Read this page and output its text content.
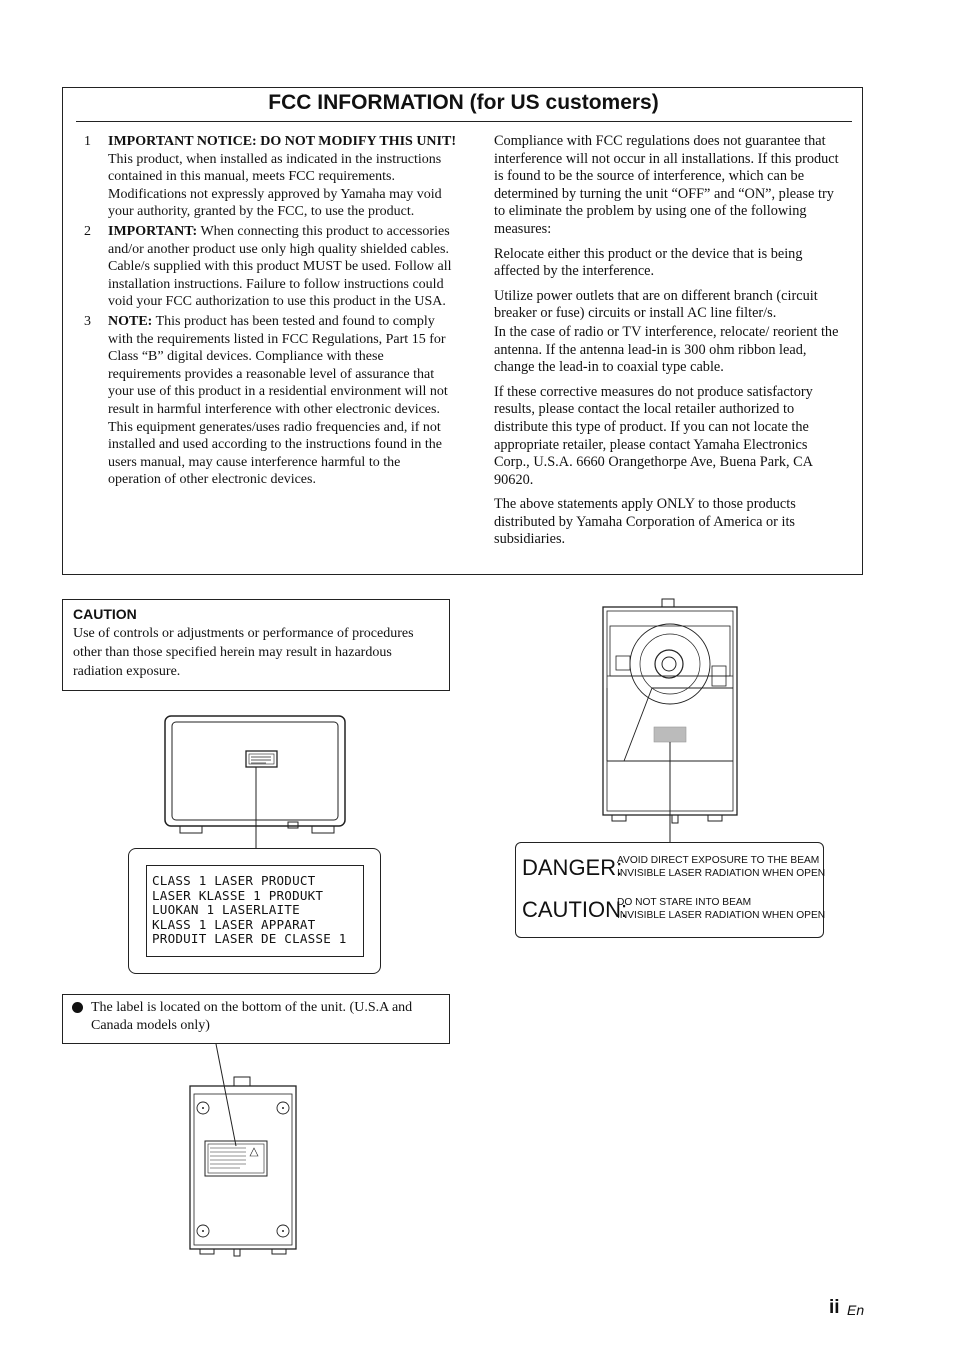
FCC INFORMATION (for US customers)
1 IMPORTANT NOTICE: DO NOT MODIFY THIS UNIT!

This product, when installed as indicated in the instructions contained in this manual, meets FCC requirements. Modifications not expressly approved by Yamaha may void your authority, granted by the FCC, to use the product.

2 IMPORTANT: When connecting this product to accessories and/or another product use only high quality shielded cables. Cable/s supplied with this product MUST be used. Follow all installation instructions. Failure to follow instructions could void your FCC authorization to use this product in the USA.

3 NOTE: This product has been tested and found to comply with the requirements listed in FCC Regulations, Part 15 for Class “B” digital devices. Compliance with these requirements provides a reasonable level of assurance that your use of this product in a residential environment will not result in harmful interference with other electronic devices.

This equipment generates/uses radio frequencies and, if not installed and used according to the instructions found in the users manual, may cause interference harmful to the operation of other electronic devices.

Compliance with FCC regulations does not guarantee that interference will not occur in all installations. If this product is found to be the source of interference, which can be determined by turning the unit “OFF” and “ON”, please try to eliminate the problem by using one of the following measures:

Relocate either this product or the device that is being affected by the interference.

Utilize power outlets that are on different branch (circuit breaker or fuse) circuits or install AC line filter/s.

In the case of radio or TV interference, relocate/ reorient the antenna. If the antenna lead-in is 300 ohm ribbon lead, change the lead-in to coaxial type cable.

If these corrective measures do not produce satisfactory results, please contact the local retailer authorized to distribute this type of product. If you can not locate the appropriate retailer, please contact Yamaha Electronics Corp., U.S.A. 6660 Orangethorpe Ave, Buena Park, CA 90620.

The above statements apply ONLY to those products distributed by Yamaha Corporation of America or its subsidiaries.

CAUTION
Use of controls or adjustments or performance of procedures other than those specified herein may result in hazardous radiation exposure.
CLASS 1 LASER PRODUCT
LASER KLASSE 1 PRODUKT
LUOKAN 1 LASERLAITE
KLASS 1 LASER APPARAT
PRODUIT LASER DE CLASSE 1
DANGER:
AVOID DIRECT EXPOSURE TO THE BEAM
INVISIBLE LASER RADIATION WHEN OPEN
CAUTION:
DO NOT STARE INTO BEAM
INVISIBLE LASER RADIATION WHEN OPEN
The label is located on the bottom of the unit. (U.S.A and Canada models only)
ii En
